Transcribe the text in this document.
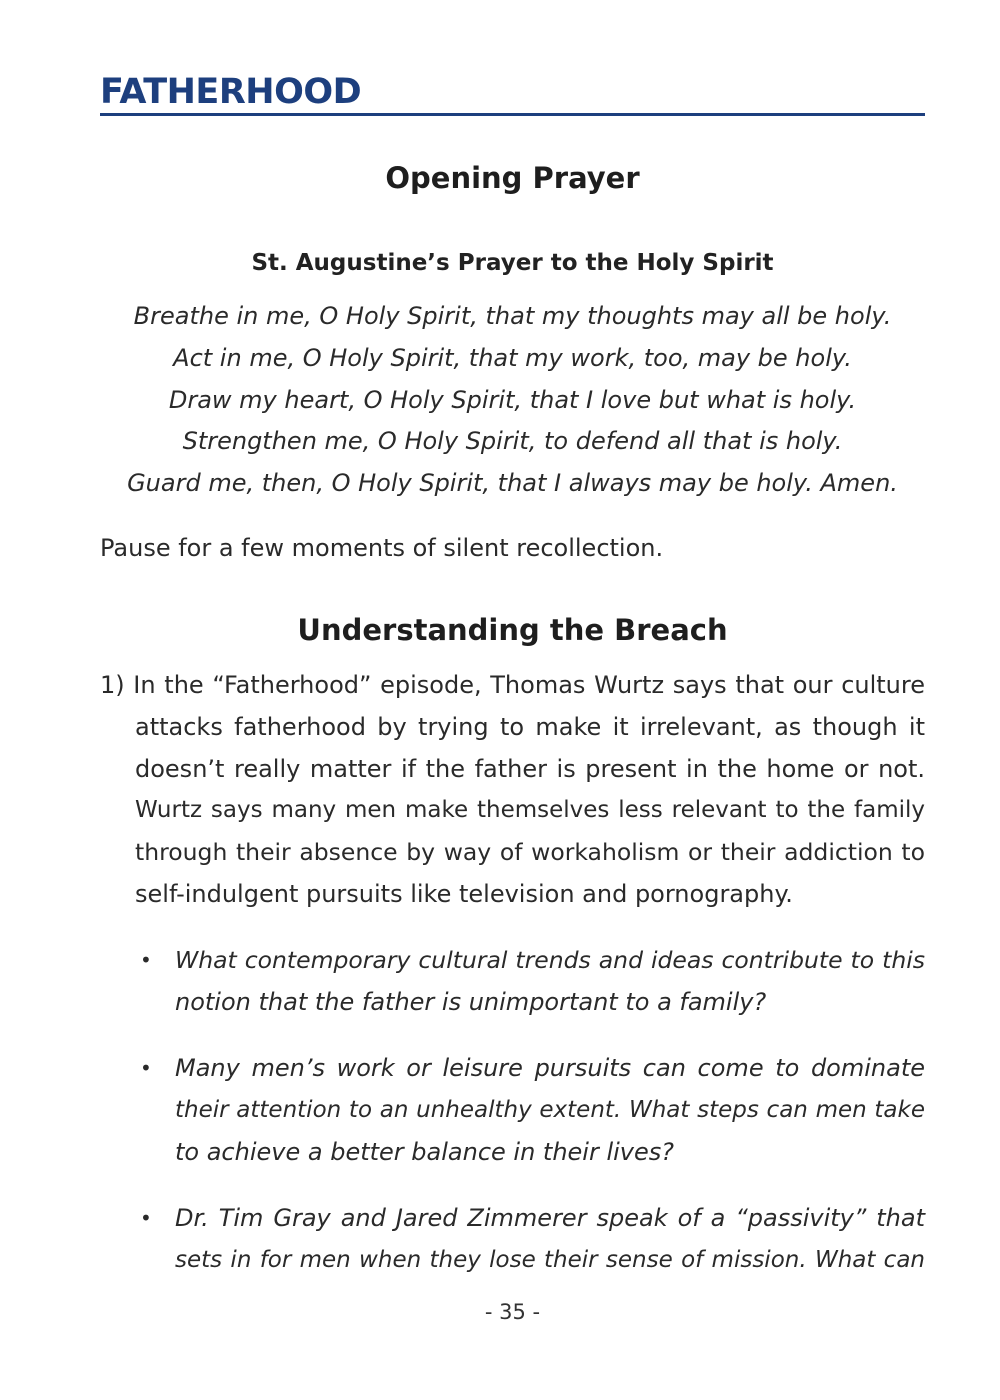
FATHERHOOD
Opening Prayer
St. Augustine’s Prayer to the Holy Spirit
Breathe in me, O Holy Spirit, that my thoughts may all be holy.
Act in me, O Holy Spirit, that my work, too, may be holy.
Draw my heart, O Holy Spirit, that I love but what is holy.
Strengthen me, O Holy Spirit, to defend all that is holy.
Guard me, then, O Holy Spirit, that I always may be holy. Amen.
Pause for a few moments of silent recollection.
Understanding the Breach
1) In the “Fatherhood” episode, Thomas Wurtz says that our culture
attacks fatherhood by trying to make it irrelevant, as though it
doesn’t really matter if the father is present in the home or not.
Wurtz says many men make themselves less relevant to the family
through their absence by way of workaholism or their addiction to
self-indulgent pursuits like television and pornography.
• What contemporary cultural trends and ideas contribute to this
notion that the father is unimportant to a family?
• Many men’s work or leisure pursuits can come to dominate
their attention to an unhealthy extent. What steps can men take
to achieve a better balance in their lives?
• Dr. Tim Gray and Jared Zimmerer speak of a “passivity” that
sets in for men when they lose their sense of mission. What can
- 35 -
